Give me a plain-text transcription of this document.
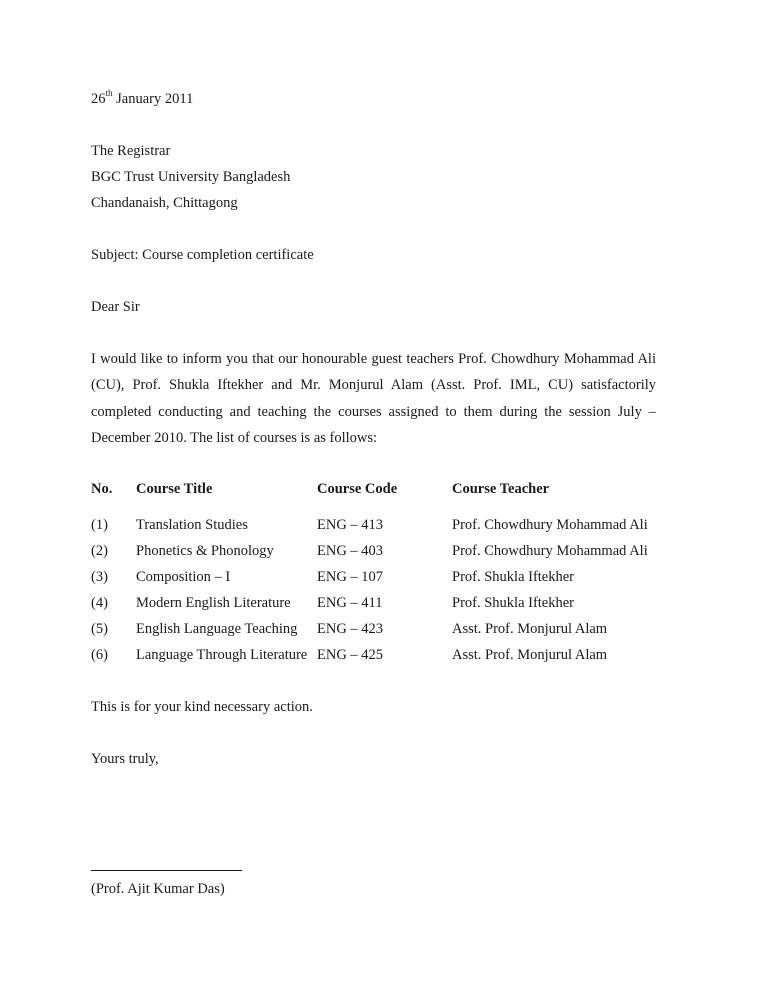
26th January 2011
The Registrar
BGC Trust University Bangladesh
Chandanaish, Chittagong
Subject: Course completion certificate
Dear Sir
I would like to inform you that our honourable guest teachers Prof. Chowdhury Mohammad Ali (CU), Prof. Shukla Iftekher and Mr. Monjurul Alam (Asst. Prof. IML, CU) satisfactorily completed conducting and teaching the courses assigned to them during the session July – December 2010. The list of courses is as follows:
No. Course Title	Course Code	Course Teacher
(1) Translation Studies	ENG – 413	Prof. Chowdhury Mohammad Ali
(2) Phonetics & Phonology	ENG – 403	Prof. Chowdhury Mohammad Ali
(3) Composition – I	ENG – 107	Prof. Shukla Iftekher
(4) Modern English Literature ENG – 411	Prof. Shukla Iftekher
(5) English Language Teaching ENG – 423	Asst. Prof. Monjurul Alam
(6) Language Through Literature ENG – 425	Asst. Prof. Monjurul Alam
This is for your kind necessary action.
Yours truly,
(Prof. Ajit Kumar Das)
